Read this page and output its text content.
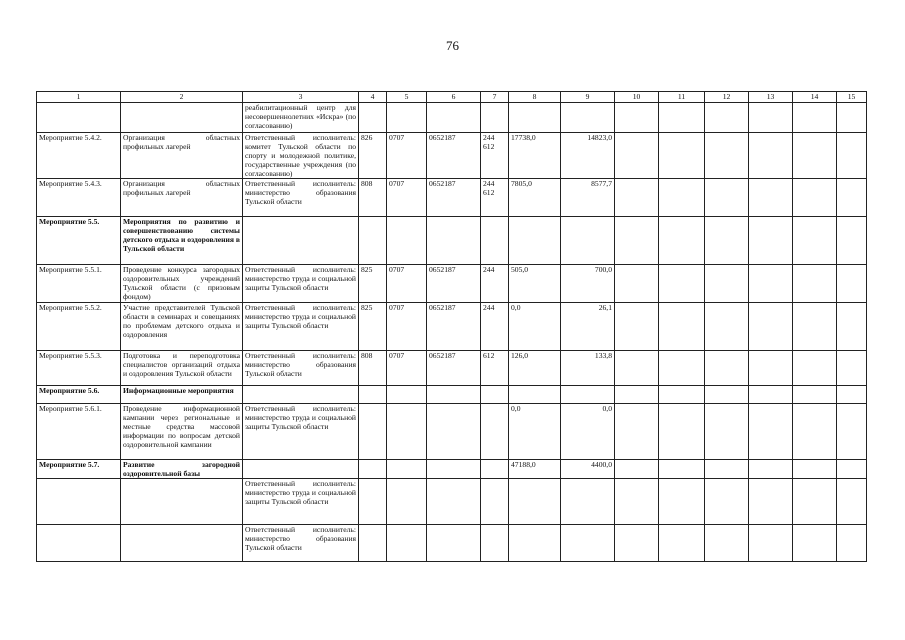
76
1	2	3	4	5	6	7	8	9	10	11	12	13	14	15
		реабилитационный центр для несовершеннолетних «Искра» (по согласованию)												
Мероприятие 5.4.2.	Организация областных профильных лагерей	Ответственный исполнитель: комитет Тульской области по спорту и молодежной политике, государственные учреждения (по согласованию)	826	0707	0652187	244 612	17738,0	14823,0						
Мероприятие 5.4.3.	Организация областных профильных лагерей	Ответственный исполнитель: министерство образования Тульской области	808	0707	0652187	244 612	7805,0	8577,7						
Мероприятие 5.5.	Мероприятия по развитию и совершенствованию системы детского отдыха и оздоровления в Тульской области													
Мероприятие 5.5.1.	Проведение конкурса загородных оздоровительных учреждений Тульской области (с призовым фондом)	Ответственный исполнитель: министерство труда и социальной защиты Тульской области	825	0707	0652187	244	505,0	700,0						
Мероприятие 5.5.2.	Участие представителей Тульской области в семинарах и совещаниях по проблемам детского отдыха и оздоровления	Ответственный исполнитель: министерство труда и социальной защиты Тульской области	825	0707	0652187	244	0,0	26,1						
Мероприятие 5.5.3.	Подготовка и переподготовка специалистов организаций отдыха и оздоровления Тульской области	Ответственный исполнитель: министерство образования Тульской области	808	0707	0652187	612	126,0	133,8						
Мероприятие 5.6.	Информационные мероприятия													
Мероприятие 5.6.1.	Проведение информационной кампании через региональные и местные средства массовой информации по вопросам детской оздоровительной кампании	Ответственный исполнитель: министерство труда и социальной защиты Тульской области					0,0	0,0						
Мероприятие 5.7.	Развитие загородной оздоровительной базы						47188,0	4400,0						
		Ответственный исполнитель: министерство труда и социальной защиты Тульской области												
		Ответственный исполнитель: министерство образования Тульской области												
